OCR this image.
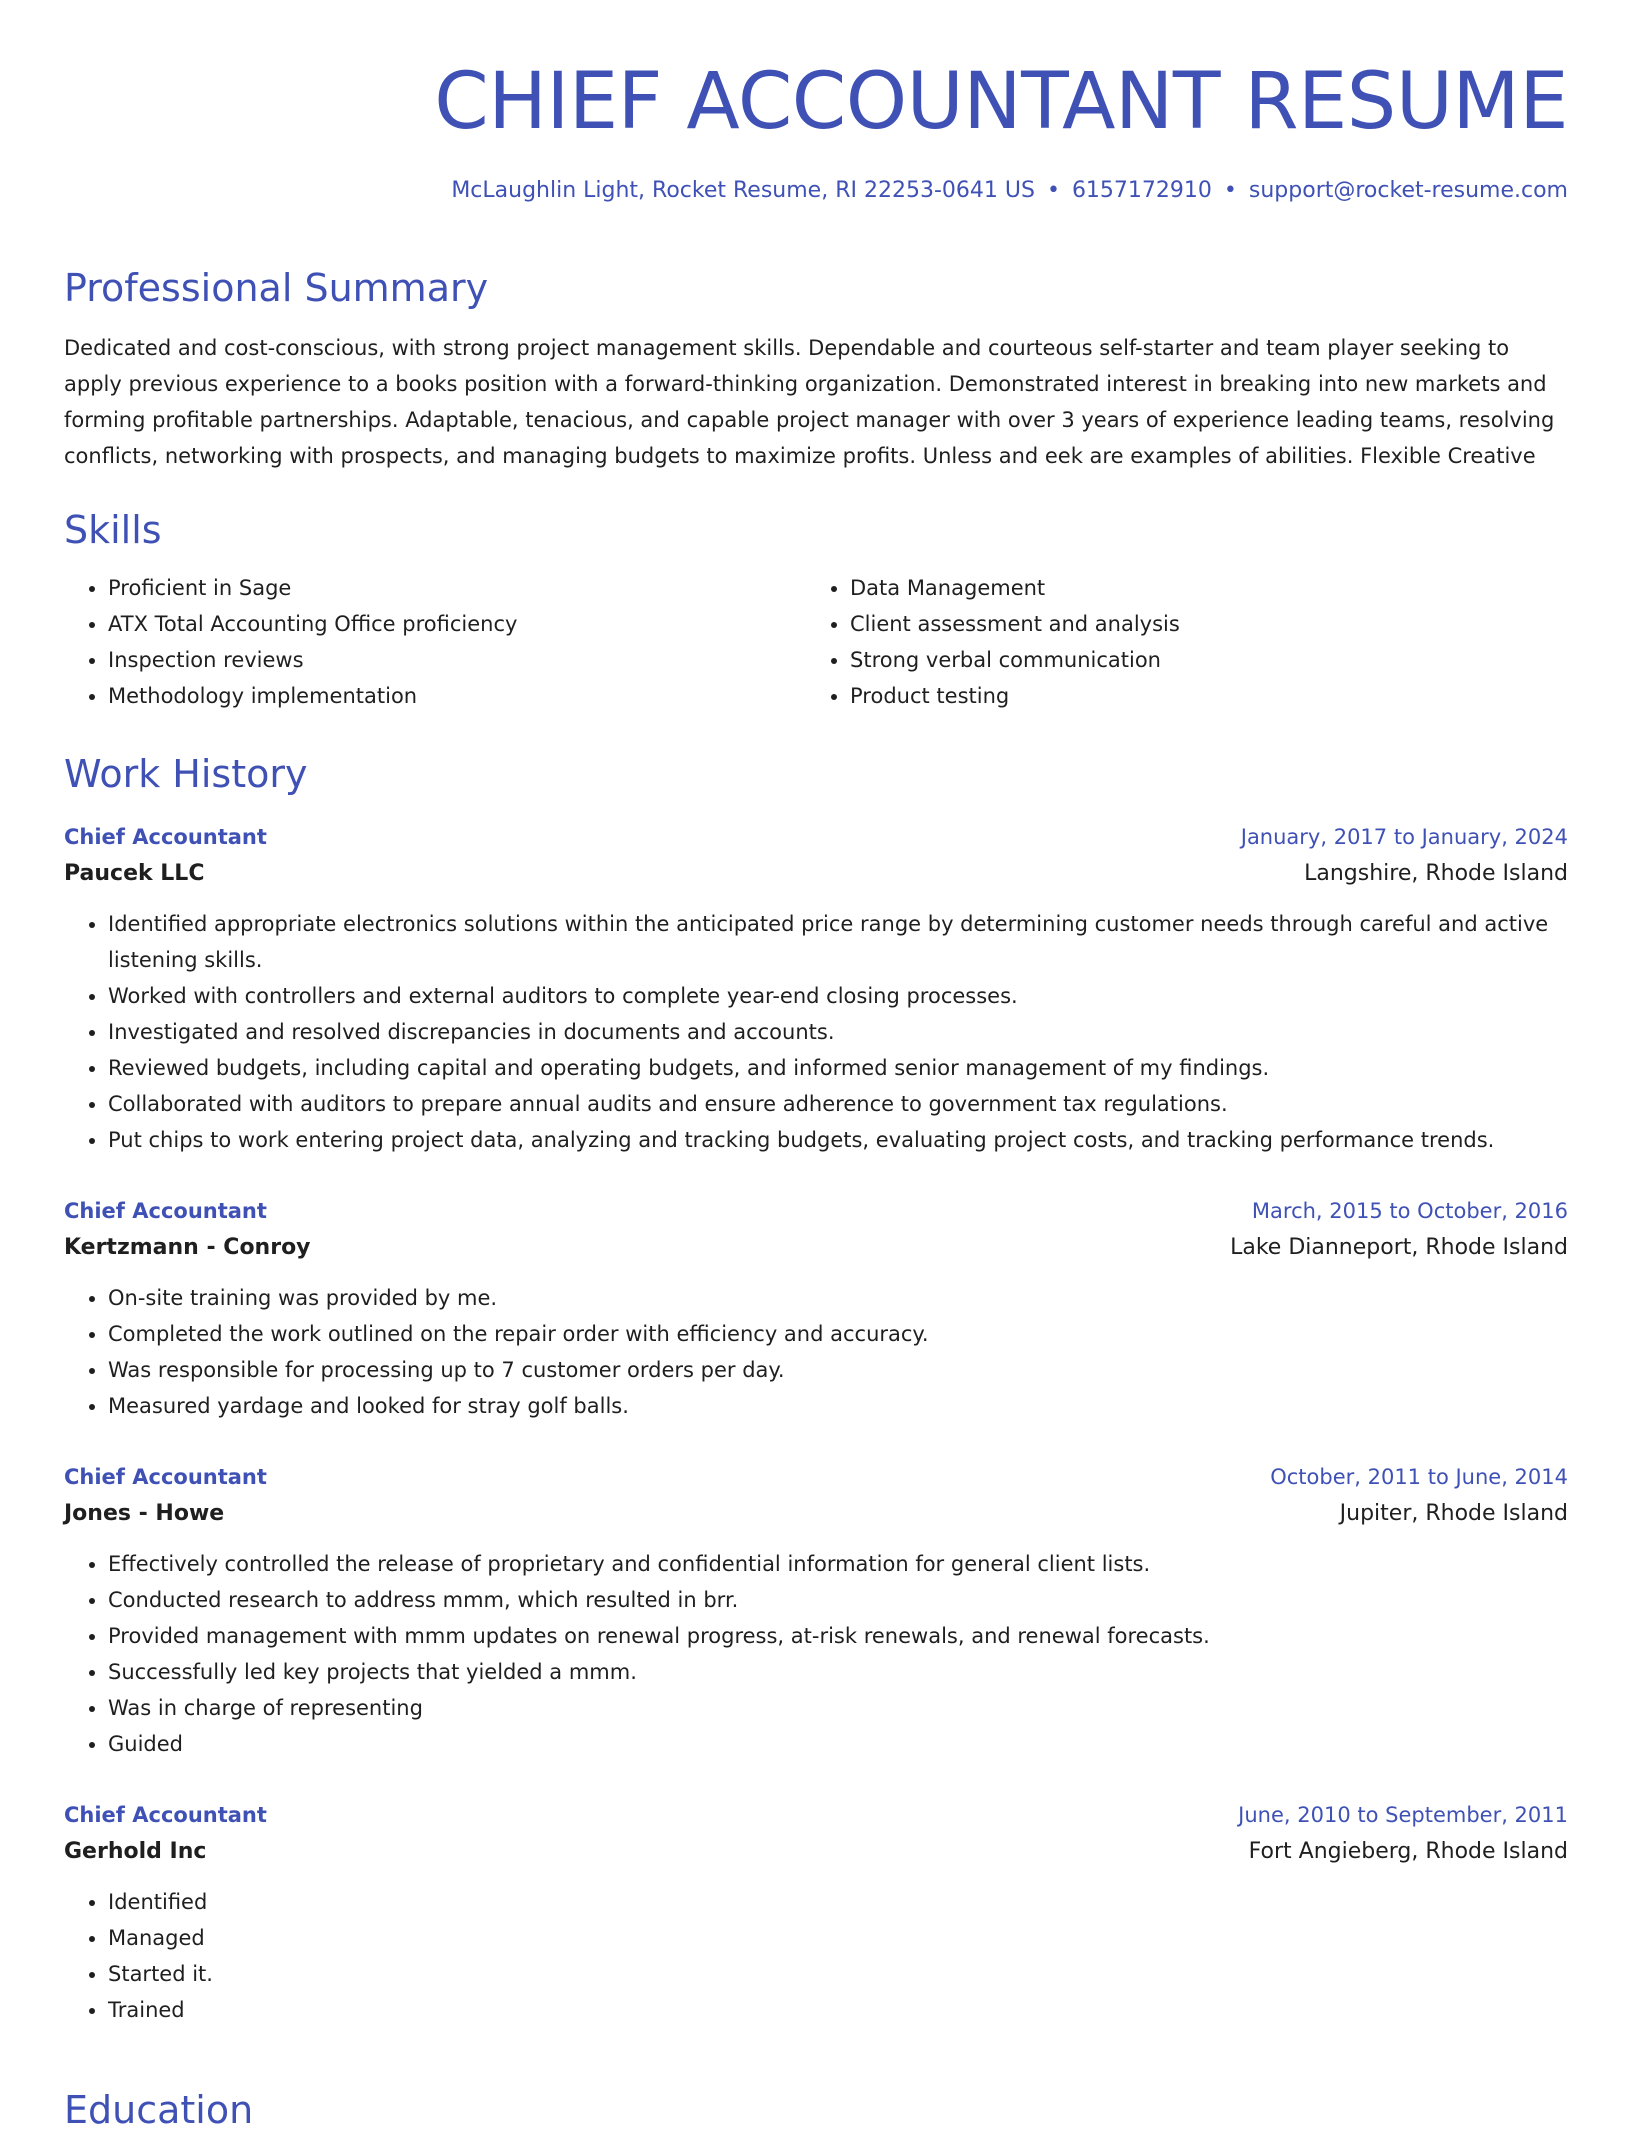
CHIEF ACCOUNTANT RESUME
McLaughlin Light, Rocket Resume, RI 22253-0641 US • 6157172910 • support@rocket-resume.com
Professional Summary

Dedicated and cost-conscious, with strong project management skills. Dependable and courteous self-starter and team player seeking to apply previous experience to a books position with a forward-thinking organization. Demonstrated interest in breaking into new markets and forming profitable partnerships. Adaptable, tenacious, and capable project manager with over 3 years of experience leading teams, resolving conflicts, networking with prospects, and managing budgets to maximize profits. Unless and eek are examples of abilities. Flexible Creative

Skills
• Proficient in Sage
• ATX Total Accounting Office proficiency
• Inspection reviews
• Methodology implementation
• Data Management
• Client assessment and analysis
• Strong verbal communication
• Product testing
Work History
Chief Accountant	January, 2017 to January, 2024
Paucek LLC	Langshire, Rhode Island
• Identified appropriate electronics solutions within the anticipated price range by determining customer needs through careful and active listening skills.
• Worked with controllers and external auditors to complete year-end closing processes.
• Investigated and resolved discrepancies in documents and accounts.
• Reviewed budgets, including capital and operating budgets, and informed senior management of my findings.
• Collaborated with auditors to prepare annual audits and ensure adherence to government tax regulations.
• Put chips to work entering project data, analyzing and tracking budgets, evaluating project costs, and tracking performance trends.
Chief Accountant	March, 2015 to October, 2016
Kertzmann - Conroy	Lake Dianneport, Rhode Island
• On-site training was provided by me.
• Completed the work outlined on the repair order with efficiency and accuracy.
• Was responsible for processing up to 7 customer orders per day.
• Measured yardage and looked for stray golf balls.
Chief Accountant	October, 2011 to June, 2014
Jones - Howe	Jupiter, Rhode Island
• Effectively controlled the release of proprietary and confidential information for general client lists.
• Conducted research to address mmm, which resulted in brr.
• Provided management with mmm updates on renewal progress, at-risk renewals, and renewal forecasts.
• Successfully led key projects that yielded a mmm.
• Was in charge of representing
• Guided
Chief Accountant	June, 2010 to September, 2011
Gerhold Inc	Fort Angieberg, Rhode Island
• Identified
• Managed
• Started it.
• Trained
Education
